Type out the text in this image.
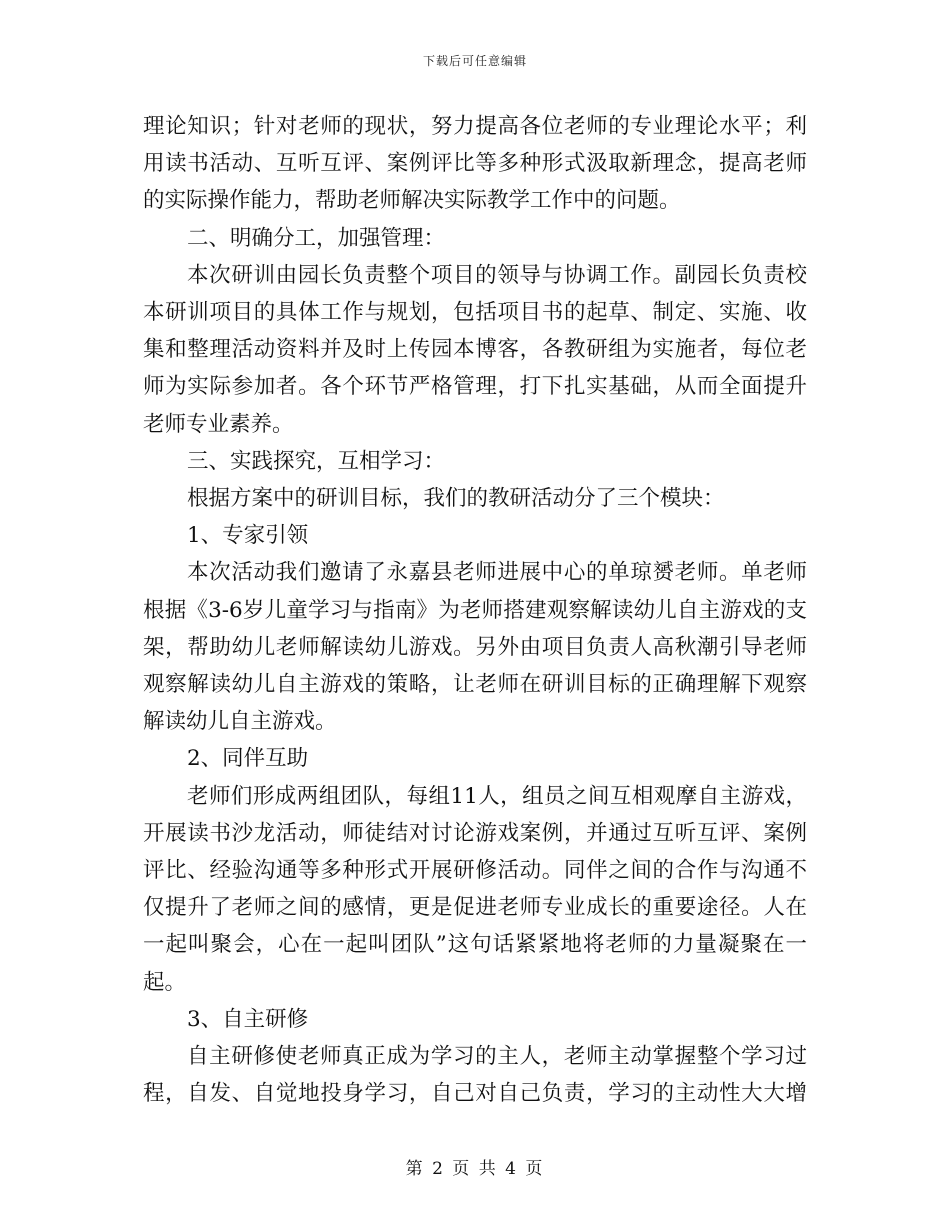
下载后可任意编辑
理论知识；针对老师的现状，努力提高各位老师的专业理论水平；利
用读书活动、互听互评、案例评比等多种形式汲取新理念，提高老师
的实际操作能力，帮助老师解决实际教学工作中的问题。
二、明确分工，加强管理：
本次研训由园长负责整个项目的领导与协调工作。副园长负责校
本研训项目的具体工作与规划，包括项目书的起草、制定、实施、收
集和整理活动资料并及时上传园本博客，各教研组为实施者，每位老
师为实际参加者。各个环节严格管理，打下扎实基础，从而全面提升
老师专业素养。
三、实践探究，互相学习：
根据方案中的研训目标，我们的教研活动分了三个模块：
1、专家引领
本次活动我们邀请了永嘉县老师进展中心的单琼赟老师。单老师
根据《3-6岁儿童学习与指南》为老师搭建观察解读幼儿自主游戏的支
架，帮助幼儿老师解读幼儿游戏。另外由项目负责人高秋潮引导老师
观察解读幼儿自主游戏的策略，让老师在研训目标的正确理解下观察
解读幼儿自主游戏。
2、同伴互助
老师们形成两组团队，每组11人，组员之间互相观摩自主游戏，
开展读书沙龙活动，师徒结对讨论游戏案例，并通过互听互评、案例
评比、经验沟通等多种形式开展研修活动。同伴之间的合作与沟通不
仅提升了老师之间的感情，更是促进老师专业成长的重要途径。人在
一起叫聚会，心在一起叫团队”这句话紧紧地将老师的力量凝聚在一
起。
3、自主研修
自主研修使老师真正成为学习的主人，老师主动掌握整个学习过
程，自发、自觉地投身学习，自己对自己负责，学习的主动性大大增
第 2 页 共 4 页
